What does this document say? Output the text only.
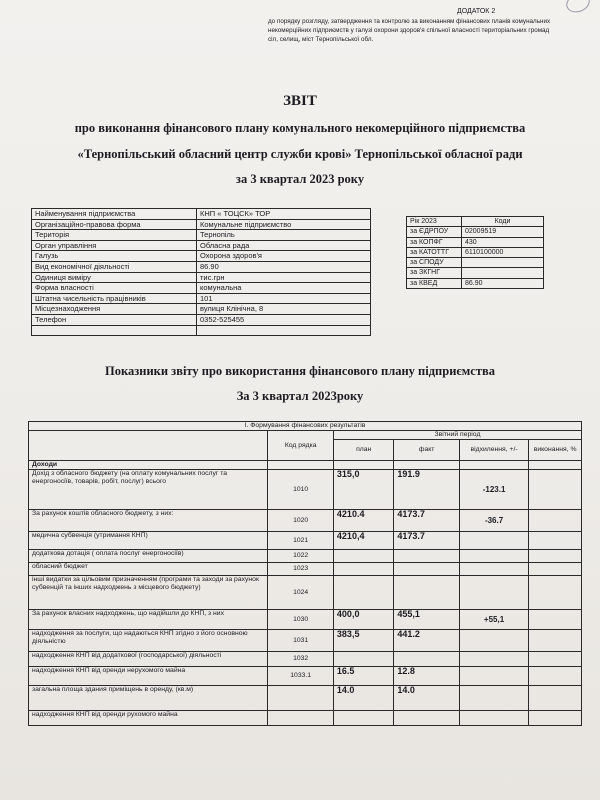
ДОДАТОК 2
до порядку розгляду, затвердження та контролю за виконанням фінансових планів комунальних некомерційних підприємств у галузі охорони здоров'я спільної власності територіальних громад сіл, селищ, міст Тернопільської обл.
ЗВІТ
про виконання фінансового плану комунального некомерційного підприємства
«Тернопільський обласний центр служби крові» Тернопільської обласної ради
за 3 квартал 2023 року
Найменування підприємства	КНП « ТОЦСК» ТОР
Організаційно-правова форма	Комунальне підприємство
Територія	Тернопіль
Орган управління	Обласна рада
Галузь	Охорона здоров'я
Вид економічної діяльності	86.90
Одиниця виміру	тис.грн
Форма власності	комунальна
Штатна чисельність працівників	101
Місцезнаходження	вулиця Клінічна, 8
Телефон	0352-525455

Рік 2023	Коди
за ЄДРПОУ	02009519
за КОПФГ	430
за КАТОТТГ	6110100000
за СПОДУ	
за ЗКГНГ	
за КВЕД	86.90
Показники звіту про використання фінансового плану підприємства
За 3 квартал 2023року
I. Формування фінансових результатів					
	Код рядка	Звітний період			
		план	факт	відхилення, +/-	виконання, %
Доходи					
Дохід з обласного бюджету (на оплату комунальних послуг та енергоносіїв, товарів, робіт, послуг) всього	1010	315,0	191.9	-123.1	
За рахунок коштів обласного бюджету, з них:	1020	4210.4	4173.7	-36.7	
медична субвенція (утримання КНП)	1021	4210,4	4173.7		
додаткова дотація ( оплата послуг енергоносіїв)	1022				
обласний бюджет	1023				
інші видатки за цільовим призначенням (програми та заходи за рахунок субвенцій та інших надходжень з місцевого бюджету)	1024				
За рахунок власних надходжень, що надійшли до КНП, з них	1030	400,0	455,1	+55,1	
надходження за послуги, що надаються КНП згідно з його основною діяльністю	1031	383,5	441.2		
надходження КНП від додаткової (господарської) діяльності	1032				
надходження КНП від оренди нерухомого майна	1033.1	16.5	12.8		
загальна площа здания приміщень в оренду, (кв.м)		14.0	14.0		
надходження КНП від оренди рухомого майна					
